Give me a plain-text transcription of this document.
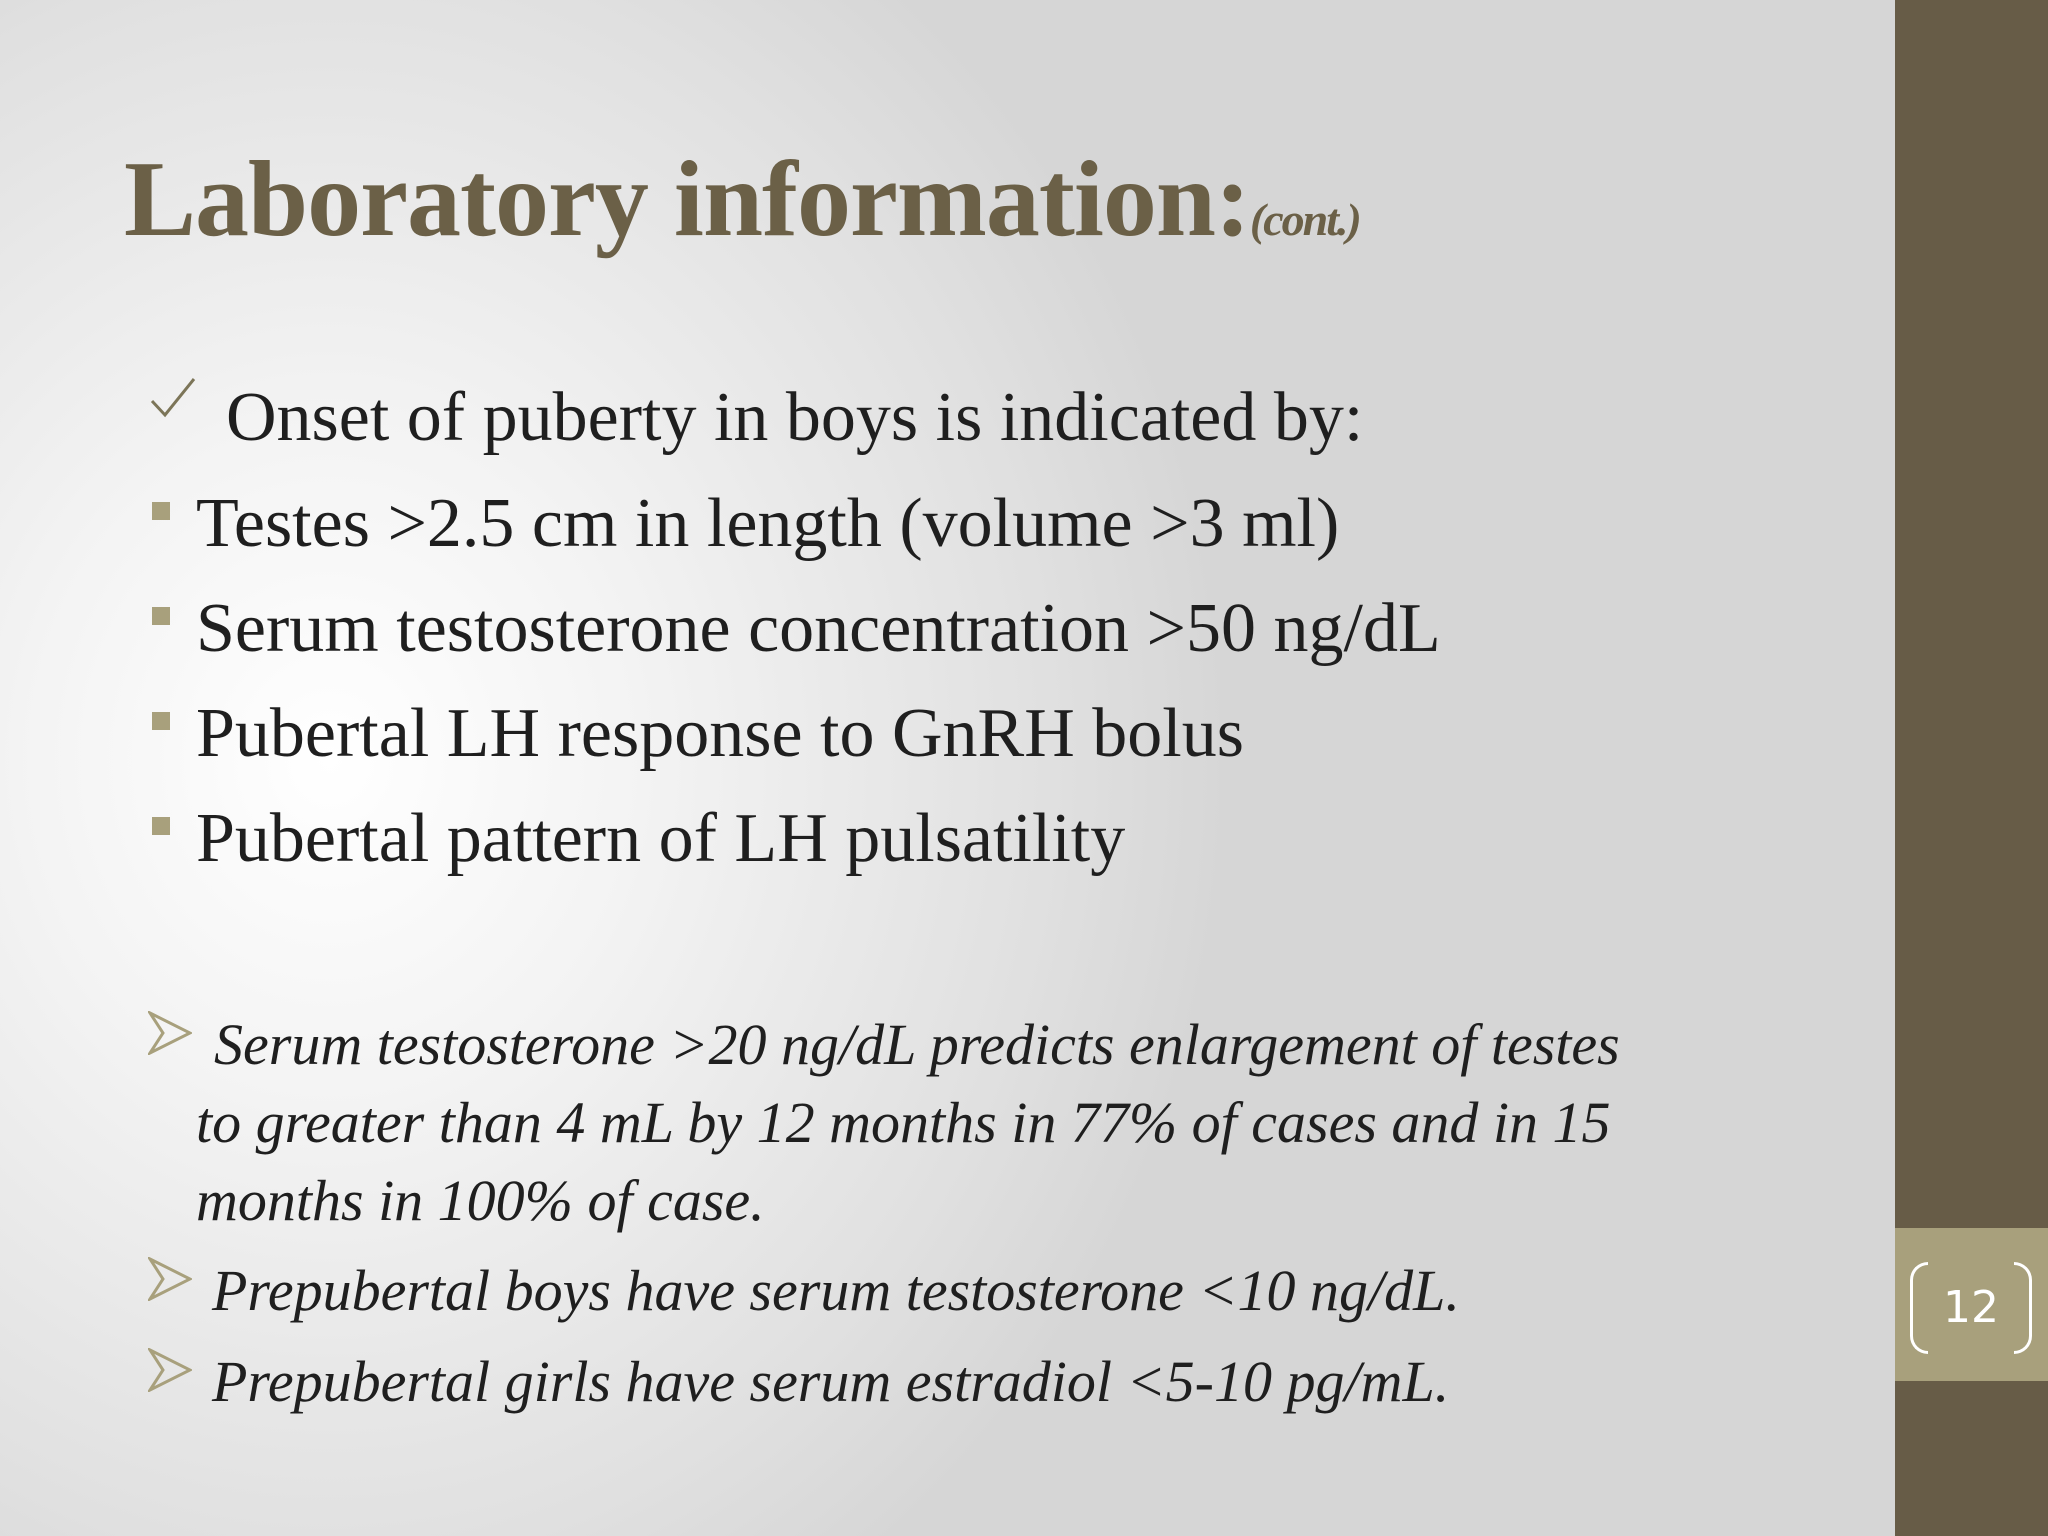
Laboratory information:(cont.)
Onset of puberty in boys is indicated by:
Testes >2.5 cm in length (volume >3 ml)
Serum testosterone concentration >50 ng/dL
Pubertal LH response to GnRH bolus
Pubertal pattern of LH pulsatility
Serum testosterone >20 ng/dL predicts enlargement of testes
to greater than 4 mL by 12 months in 77% of cases and in 15
months in 100% of case.
Prepubertal boys have serum testosterone <10 ng/dL.
Prepubertal girls have serum estradiol <5-10 pg/mL.
12
